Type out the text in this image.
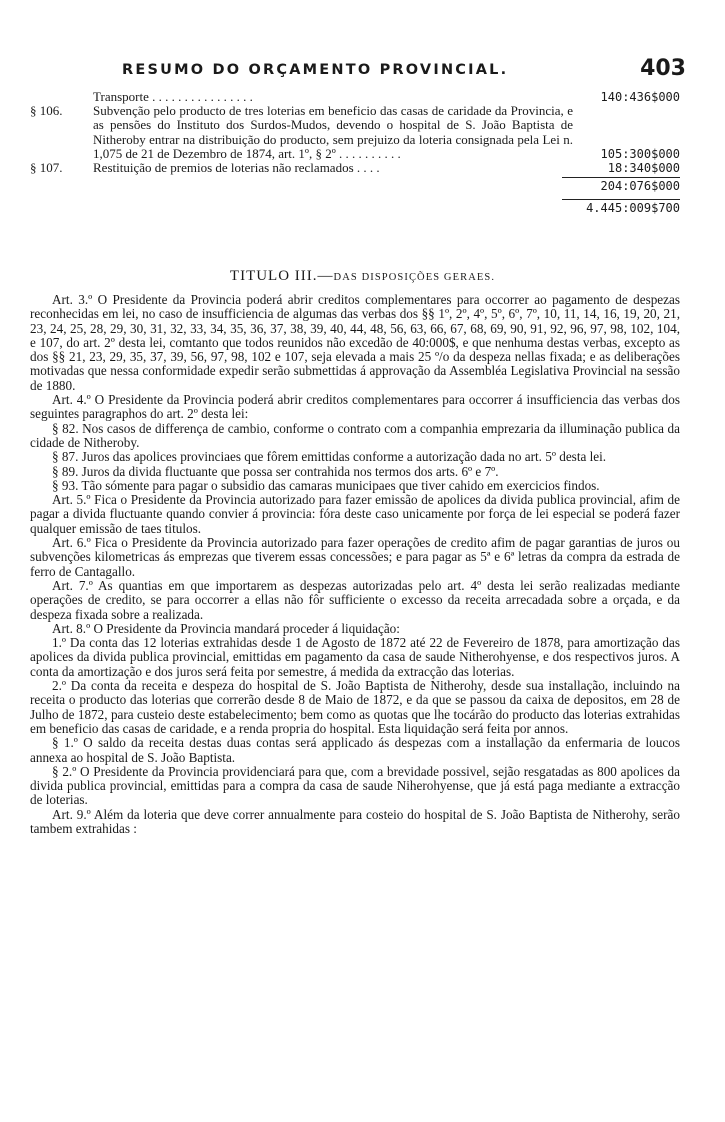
RESUMO DO ORÇAMENTO PROVINCIAL.	403
Transporte . . . . . . . . . . . . . . . .	140:436$000
§ 106.	Subvenção pelo producto de tres loterias em beneficio das casas de caridade da Provincia, e as pensões do Instituto dos Surdos-Mudos, devendo o hospital de S. João Baptista de Nitheroby entrar na distribuição do producto, sem prejuizo da loteria consignada pela Lei n. 1,075 de 21 de Dezembro de 1874, art. 1º, § 2º . . . . . . . . . .	105:300$000
§ 107.	Restituição de premios de loterias não reclamados . . . .	18:340$000
204:076$000
4.445:009$700
TITULO III.—DAS DISPOSIÇÕES GERAES.

Art. 3.º O Presidente da Provincia poderá abrir creditos complementares para occorrer ao pagamento de despezas reconhecidas em lei, no caso de insufficiencia de algumas das verbas dos §§ 1º, 2º, 4º, 5º, 6º, 7º, 10, 11, 14, 16, 19, 20, 21, 23, 24, 25, 28, 29, 30, 31, 32, 33, 34, 35, 36, 37, 38, 39, 40, 44, 48, 56, 63, 66, 67, 68, 69, 90, 91, 92, 96, 97, 98, 102, 104, e 107, do art. 2º desta lei, comtanto que todos reunidos não excedão de 40:000$, e que nenhuma destas verbas, excepto as dos §§ 21, 23, 29, 35, 37, 39, 56, 97, 98, 102 e 107, seja elevada a mais 25 º/o da despeza nellas fixada; e as deliberações motivadas que nessa conformidade expedir serão submettidas á approvação da Assembléa Legislativa Provincial na sessão de 1880.

Art. 4.º O Presidente da Provincia poderá abrir creditos complementares para occorrer á insufficiencia das verbas dos seguintes paragraphos do art. 2º desta lei:

§ 82. Nos casos de differença de cambio, conforme o contrato com a companhia emprezaria da illuminação publica da cidade de Nitheroby.

§ 87. Juros das apolices provinciaes que fôrem emittidas conforme a autorização dada no art. 5º desta lei.

§ 89. Juros da divida fluctuante que possa ser contrahida nos termos dos arts. 6º e 7º.

§ 93. Tão sómente para pagar o subsidio das camaras municipaes que tiver cahido em exercicios findos.

Art. 5.º Fica o Presidente da Provincia autorizado para fazer emissão de apolices da divida publica provincial, afim de pagar a divida fluctuante quando convier á provincia: fóra deste caso unicamente por força de lei especial se poderá fazer qualquer emissão de taes titulos.

Art. 6.º Fica o Presidente da Provincia autorizado para fazer operações de credito afim de pagar garantias de juros ou subvenções kilometricas ás emprezas que tiverem essas concessões; e para pagar as 5ª e 6ª letras da compra da estrada de ferro de Cantagallo.

Art. 7.º As quantias em que importarem as despezas autorizadas pelo art. 4º desta lei serão realizadas mediante operações de credito, se para occorrer a ellas não fôr sufficiente o excesso da receita arrecadada sobre a orçada, e da despeza fixada sobre a realizada.

Art. 8.º O Presidente da Provincia mandará proceder á liquidação:

1.º Da conta das 12 loterias extrahidas desde 1 de Agosto de 1872 até 22 de Fevereiro de 1878, para amortização das apolices da divida publica provincial, emittidas em pagamento da casa de saude Nitherohyense, e dos respectivos juros. A conta da amortização e dos juros será feita por semestre, á medida da extracção das loterias.

2.º Da conta da receita e despeza do hospital de S. João Baptista de Nitherohy, desde sua installação, incluindo na receita o producto das loterias que correrão desde 8 de Maio de 1872, e da que se passou da caixa de depositos, em 28 de Julho de 1872, para custeio deste estabelecimento; bem como as quotas que lhe tocárão do producto das loterias extrahidas em beneficio das casas de caridade, e a renda propria do hospital. Esta liquidação será feita por annos.

§ 1.º O saldo da receita destas duas contas será applicado ás despezas com a installação da enfermaria de loucos annexa ao hospital de S. João Baptista.

§ 2.º O Presidente da Provincia providenciará para que, com a brevidade possivel, sejão resgatadas as 800 apolices da divida publica provincial, emittidas para a compra da casa de saude Niherohyense, que já está paga mediante a extracção de loterias.

Art. 9.º Além da loteria que deve correr annualmente para costeio do hospital de S. João Baptista de Nitherohy, serão tambem extrahidas :
